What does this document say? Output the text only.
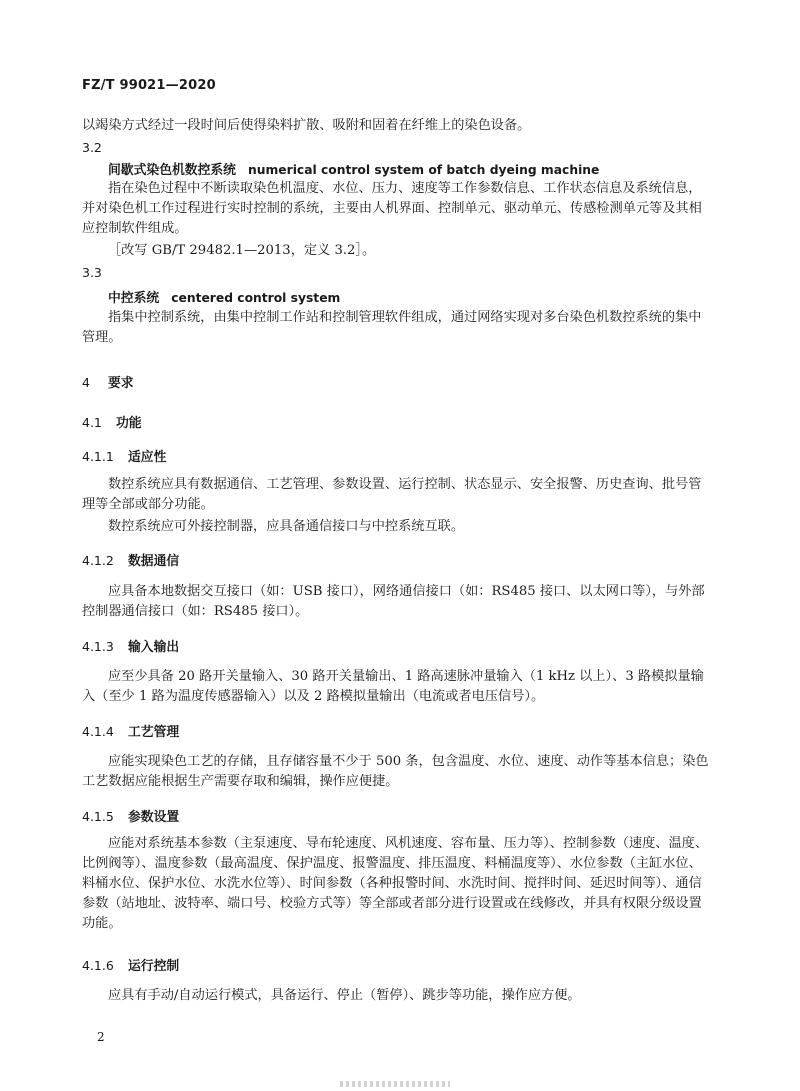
FZ/T 99021—2020
以竭染方式经过一段时间后使得染料扩散、吸附和固着在纤维上的染色设备。
3.2
间歇式染色机数控系统 numerical control system of batch dyeing machine
指在染色过程中不断读取染色机温度、水位、压力、速度等工作参数信息、工作状态信息及系统信息，并对染色机工作过程进行实时控制的系统，主要由人机界面、控制单元、驱动单元、传感检测单元等及其相应控制软件组成。
［改写 GB/T 29482.1—2013，定义 3.2］。
3.3
中控系统 centered control system
指集中控制系统，由集中控制工作站和控制管理软件组成，通过网络实现对多台染色机数控系统的集中管理。
4 要求
4.1 功能
4.1.1 适应性
数控系统应具有数据通信、工艺管理、参数设置、运行控制、状态显示、安全报警、历史查询、批号管理等全部或部分功能。
数控系统应可外接控制器，应具备通信接口与中控系统互联。
4.1.2 数据通信
应具备本地数据交互接口（如：USB 接口），网络通信接口（如：RS485 接口、以太网口等），与外部控制器通信接口（如：RS485 接口）。
4.1.3 输入输出
应至少具备 20 路开关量输入、30 路开关量输出、1 路高速脉冲量输入（1 kHz 以上）、3 路模拟量输入（至少 1 路为温度传感器输入）以及 2 路模拟量输出（电流或者电压信号）。
4.1.4 工艺管理
应能实现染色工艺的存储，且存储容量不少于 500 条，包含温度、水位、速度、动作等基本信息；染色工艺数据应能根据生产需要存取和编辑，操作应便捷。
4.1.5 参数设置
应能对系统基本参数（主泵速度、导布轮速度、风机速度、容布量、压力等）、控制参数（速度、温度、比例阀等）、温度参数（最高温度、保护温度、报警温度、排压温度、料桶温度等）、水位参数（主缸水位、料桶水位、保护水位、水洗水位等）、时间参数（各种报警时间、水洗时间、搅拌时间、延迟时间等）、通信参数（站地址、波特率、端口号、校验方式等）等全部或者部分进行设置或在线修改，并具有权限分级设置功能。
4.1.6 运行控制
应具有手动/自动运行模式，具备运行、停止（暂停）、跳步等功能，操作应方便。
2
